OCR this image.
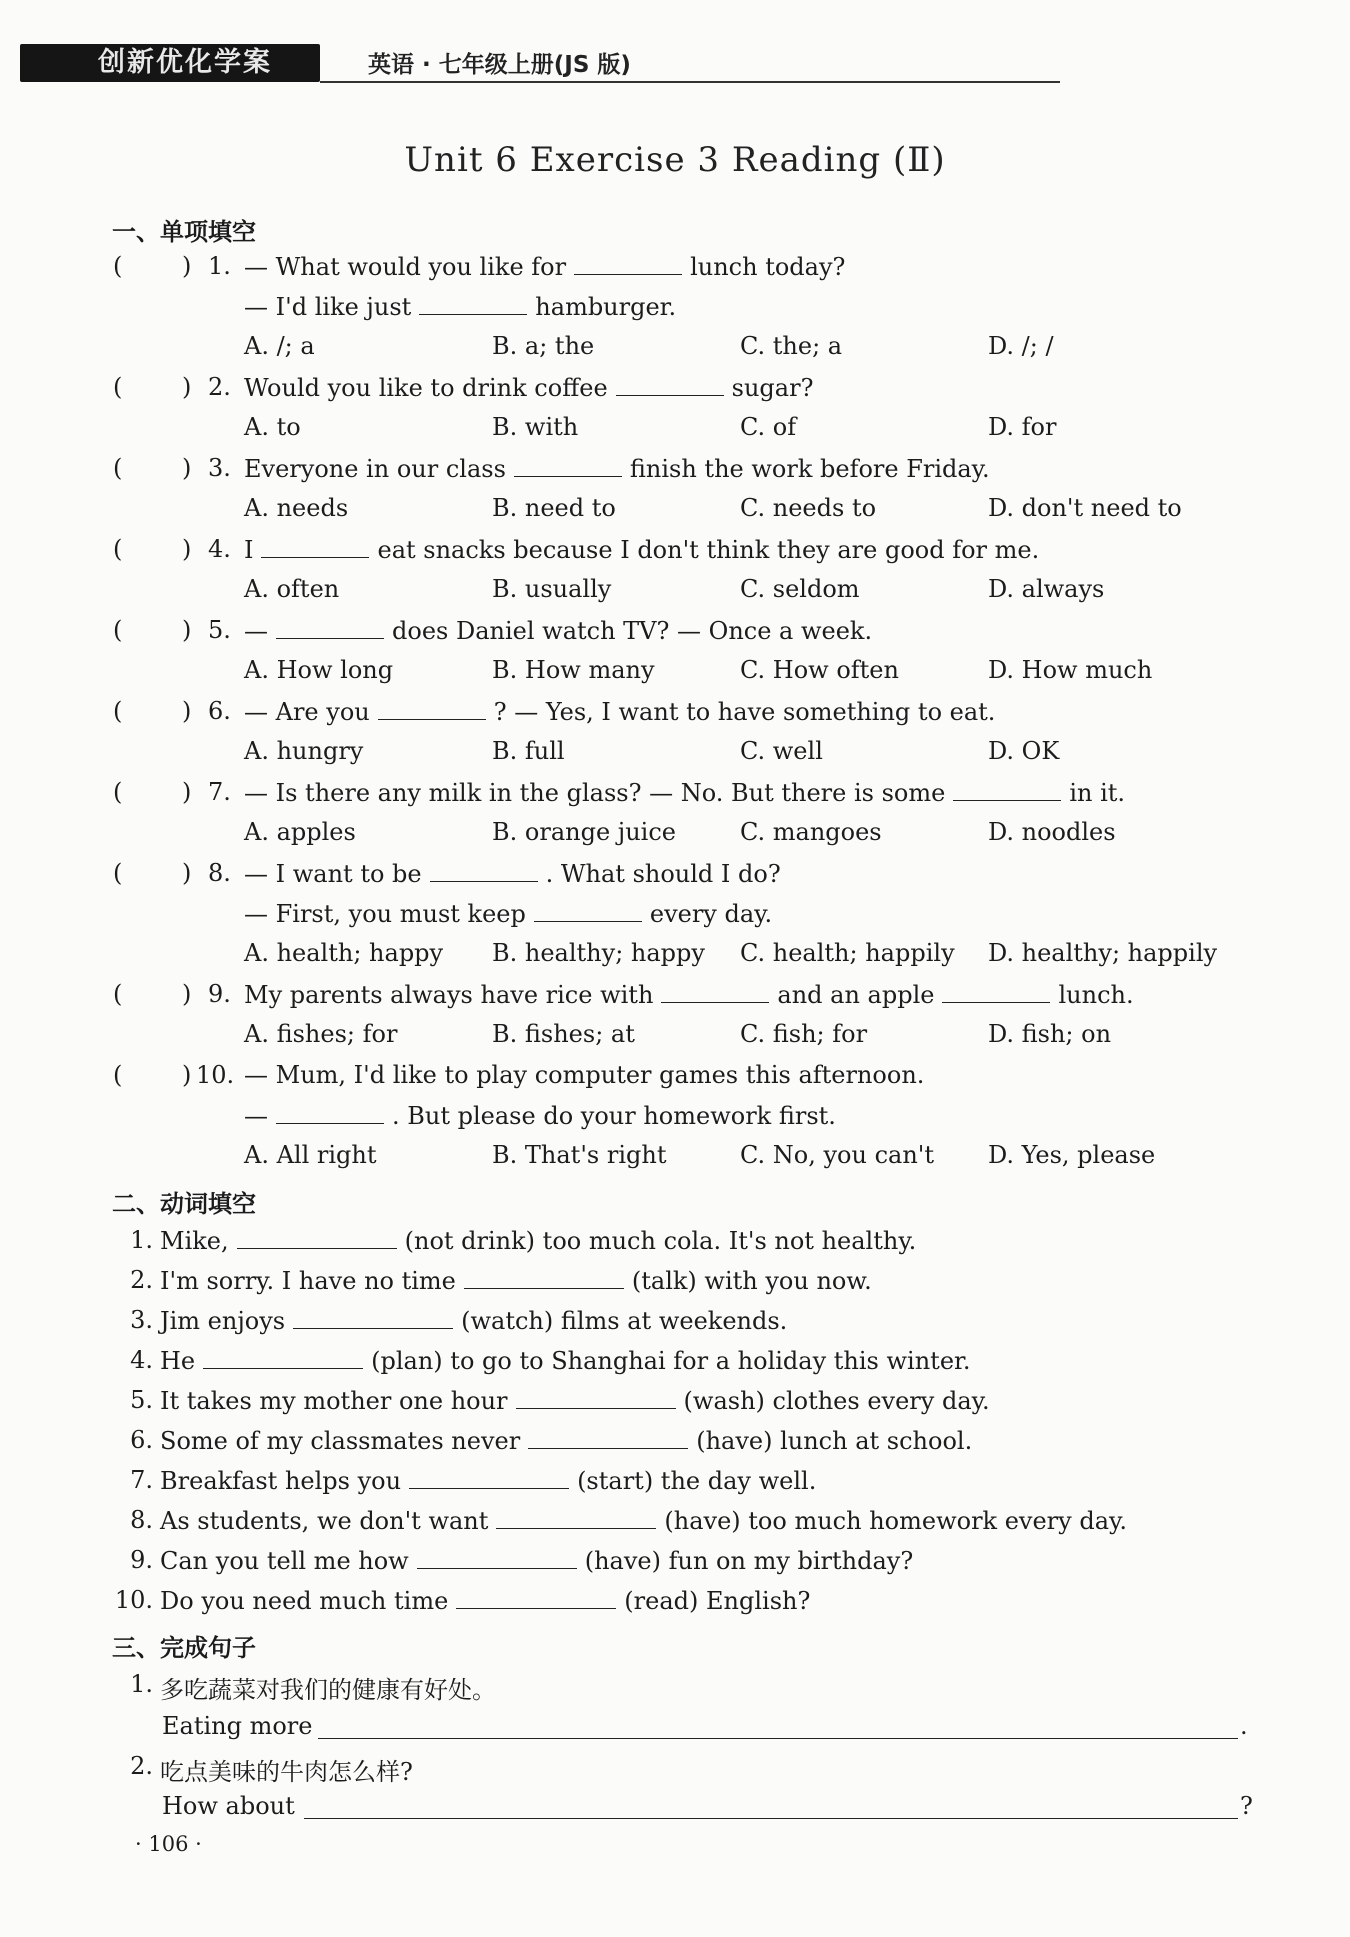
创新优化学案	英语 · 七年级上册(JS 版)
Unit 6 Exercise 3 Reading (Ⅱ)
一、单项填空
( ) 1. — What would you like for	lunch today?
— I'd like just	hamburger.
A. /; a	B. a; the	C. the; a	D. /; /
( ) 2. Would you like to drink coffee	sugar?
A. to	B. with	C. of	D. for
( ) 3. Everyone in our class	finish the work before Friday.
A. needs	B. need to	C. needs to	D. don't need to
( ) 4. I	eat snacks because I don't think they are good for me.
A. often	B. usually	C. seldom	D. always
( ) 5. —	does Daniel watch TV? — Once a week.
A. How long	B. How many	C. How often	D. How much
( ) 6. — Are you	? — Yes, I want to have something to eat.
A. hungry	B. full	C. well	D. OK
( ) 7. — Is there any milk in the glass? — No. But there is some	in it.
A. apples	B. orange juice	C. mangoes	D. noodles
( ) 8. — I want to be	. What should I do?
— First, you must keep	every day.
A. health; happy B. healthy; happy C. health; happily D. healthy; happily
( ) 9. My parents always have rice with	and an apple	lunch.
A. fishes; for	B. fishes; at	C. fish; for	D. fish; on
( ) 10. — Mum, I'd like to play computer games this afternoon.
—	. But please do your homework first.
A. All right	B. That's right	C. No, you can't D. Yes, please
二、动词填空
1. Mike,	(not drink) too much cola. It's not healthy.
2. I'm sorry. I have no time	(talk) with you now.
3. Jim enjoys	(watch) films at weekends.
4. He	(plan) to go to Shanghai for a holiday this winter.
5. It takes my mother one hour	(wash) clothes every day.
6. Some of my classmates never	(have) lunch at school.
7. Breakfast helps you	(start) the day well.
8. As students, we don't want	(have) too much homework every day.
9. Can you tell me how	(have) fun on my birthday?
10. Do you need much time	(read) English?
三、完成句子
1. 多吃蔬菜对我们的健康有好处。
Eating more	.
2. 吃点美味的牛肉怎么样?
How about	?
· 106 ·
